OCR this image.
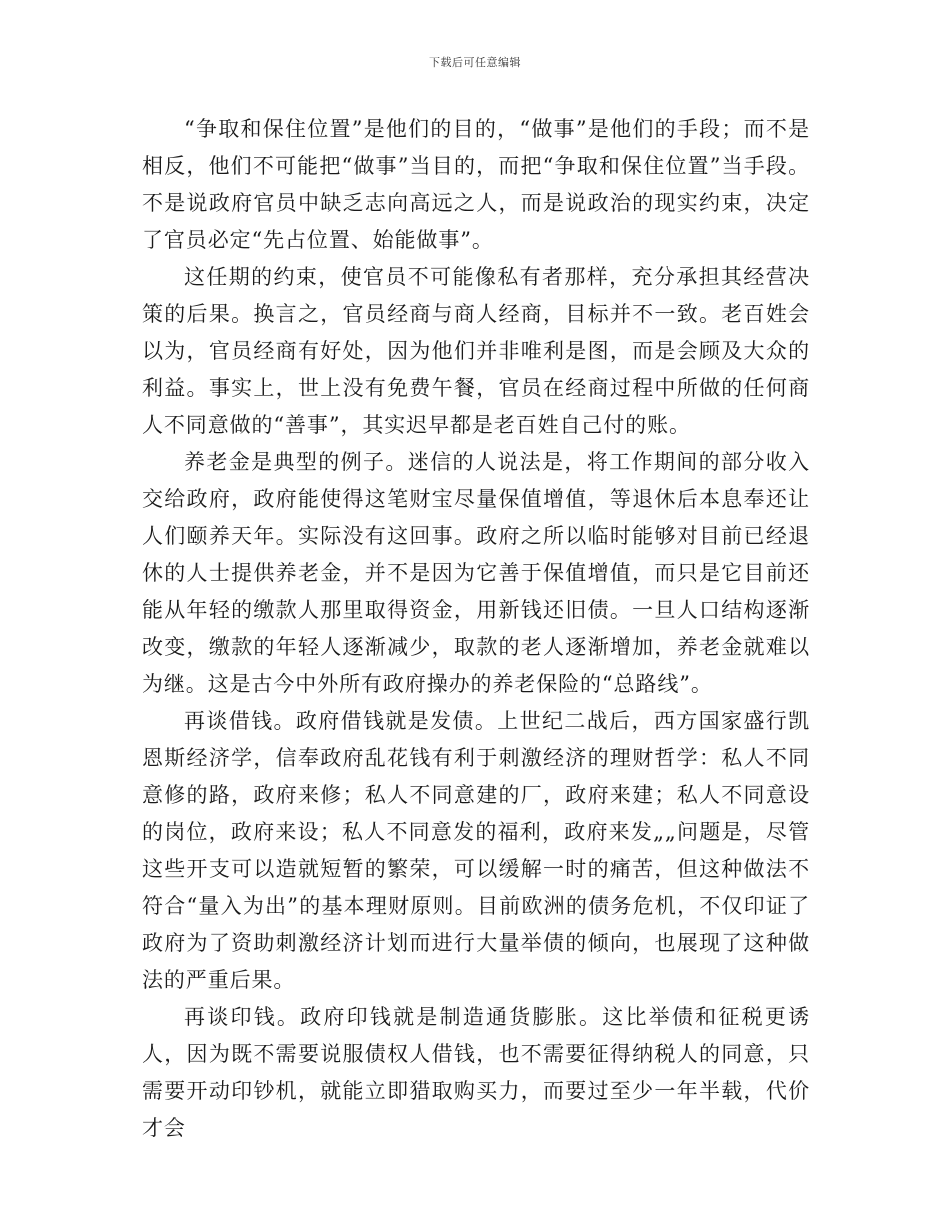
下载后可任意编辑

“争取和保住位置”是他们的目的，“做事”是他们的手段；而不是相反，他们不可能把“做事”当目的，而把“争取和保住位置”当手段。不是说政府官员中缺乏志向高远之人，而是说政治的现实约束，决定了官员必定“先占位置、始能做事”。

这任期的约束，使官员不可能像私有者那样，充分承担其经营决策的后果。换言之，官员经商与商人经商，目标并不一致。老百姓会以为，官员经商有好处，因为他们并非唯利是图，而是会顾及大众的利益。事实上，世上没有免费午餐，官员在经商过程中所做的任何商人不同意做的“善事”，其实迟早都是老百姓自己付的账。

养老金是典型的例子。迷信的人说法是，将工作期间的部分收入交给政府，政府能使得这笔财宝尽量保值增值，等退休后本息奉还让人们颐养天年。实际没有这回事。政府之所以临时能够对目前已经退休的人士提供养老金，并不是因为它善于保值增值，而只是它目前还能从年轻的缴款人那里取得资金，用新钱还旧债。一旦人口结构逐渐改变，缴款的年轻人逐渐减少，取款的老人逐渐增加，养老金就难以为继。这是古今中外所有政府操办的养老保险的“总路线”。

再谈借钱。政府借钱就是发债。上世纪二战后，西方国家盛行凯恩斯经济学，信奉政府乱花钱有利于刺激经济的理财哲学：私人不同意修的路，政府来修；私人不同意建的厂，政府来建；私人不同意设的岗位，政府来设；私人不同意发的福利，政府来发„„问题是，尽管这些开支可以造就短暂的繁荣，可以缓解一时的痛苦，但这种做法不符合“量入为出”的基本理财原则。目前欧洲的债务危机，不仅印证了政府为了资助刺激经济计划而进行大量举债的倾向，也展现了这种做法的严重后果。

再谈印钱。政府印钱就是制造通货膨胀。这比举债和征税更诱人，因为既不需要说服债权人借钱，也不需要征得纳税人的同意，只需要开动印钞机，就能立即猎取购买力，而要过至少一年半载，代价才会
